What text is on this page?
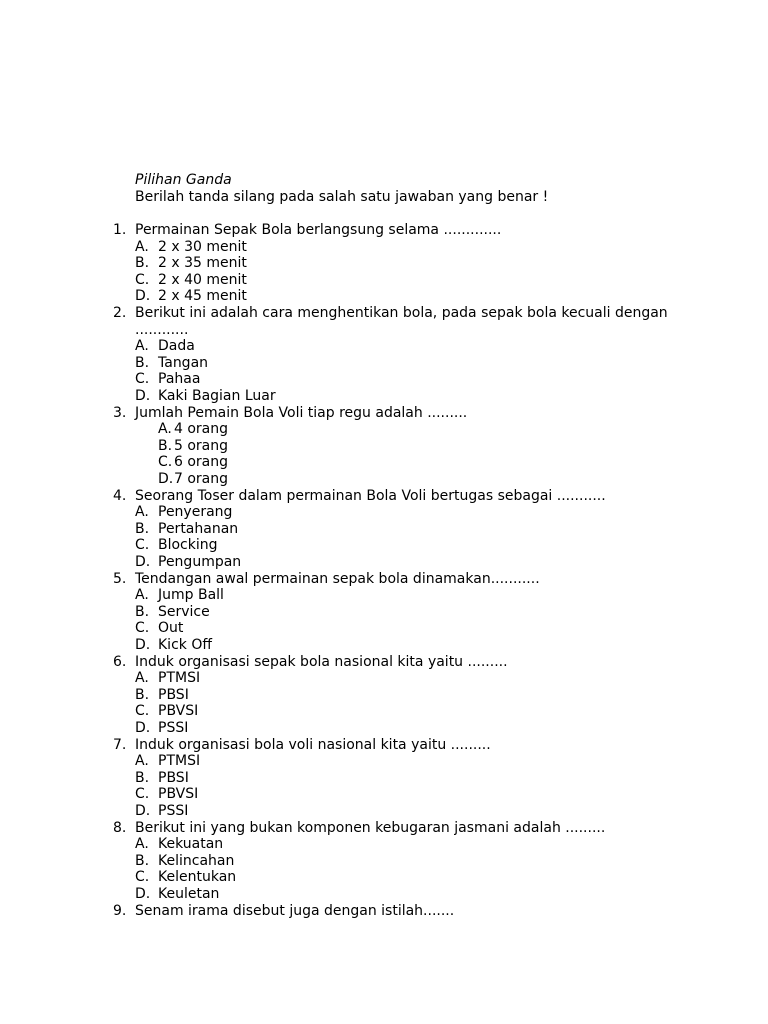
Pilihan Ganda
Berilah tanda silang pada salah satu jawaban yang benar !
1. Permainan Sepak Bola berlangsung selama .............
A. 2 x 30 menit
B. 2 x 35 menit
C. 2 x 40 menit
D. 2 x 45 menit
2. Berikut ini adalah cara menghentikan bola, pada sepak bola kecuali dengan
............
A. Dada
B. Tangan
C. Pahaa
D. Kaki Bagian Luar
3. Jumlah Pemain Bola Voli tiap regu adalah .........
A. 4 orang
B. 5 orang
C. 6 orang
D. 7 orang
4. Seorang Toser dalam permainan Bola Voli bertugas sebagai ...........
A. Penyerang
B. Pertahanan
C. Blocking
D. Pengumpan
5. Tendangan awal permainan sepak bola dinamakan...........
A. Jump Ball
B. Service
C. Out
D. Kick Off
6. Induk organisasi sepak bola nasional kita yaitu .........
A. PTMSI
B. PBSI
C. PBVSI
D. PSSI
7. Induk organisasi bola voli nasional kita yaitu .........
A. PTMSI
B. PBSI
C. PBVSI
D. PSSI
8. Berikut ini yang bukan komponen kebugaran jasmani adalah .........
A. Kekuatan
B. Kelincahan
C. Kelentukan
D. Keuletan
9. Senam irama disebut juga dengan istilah.......
